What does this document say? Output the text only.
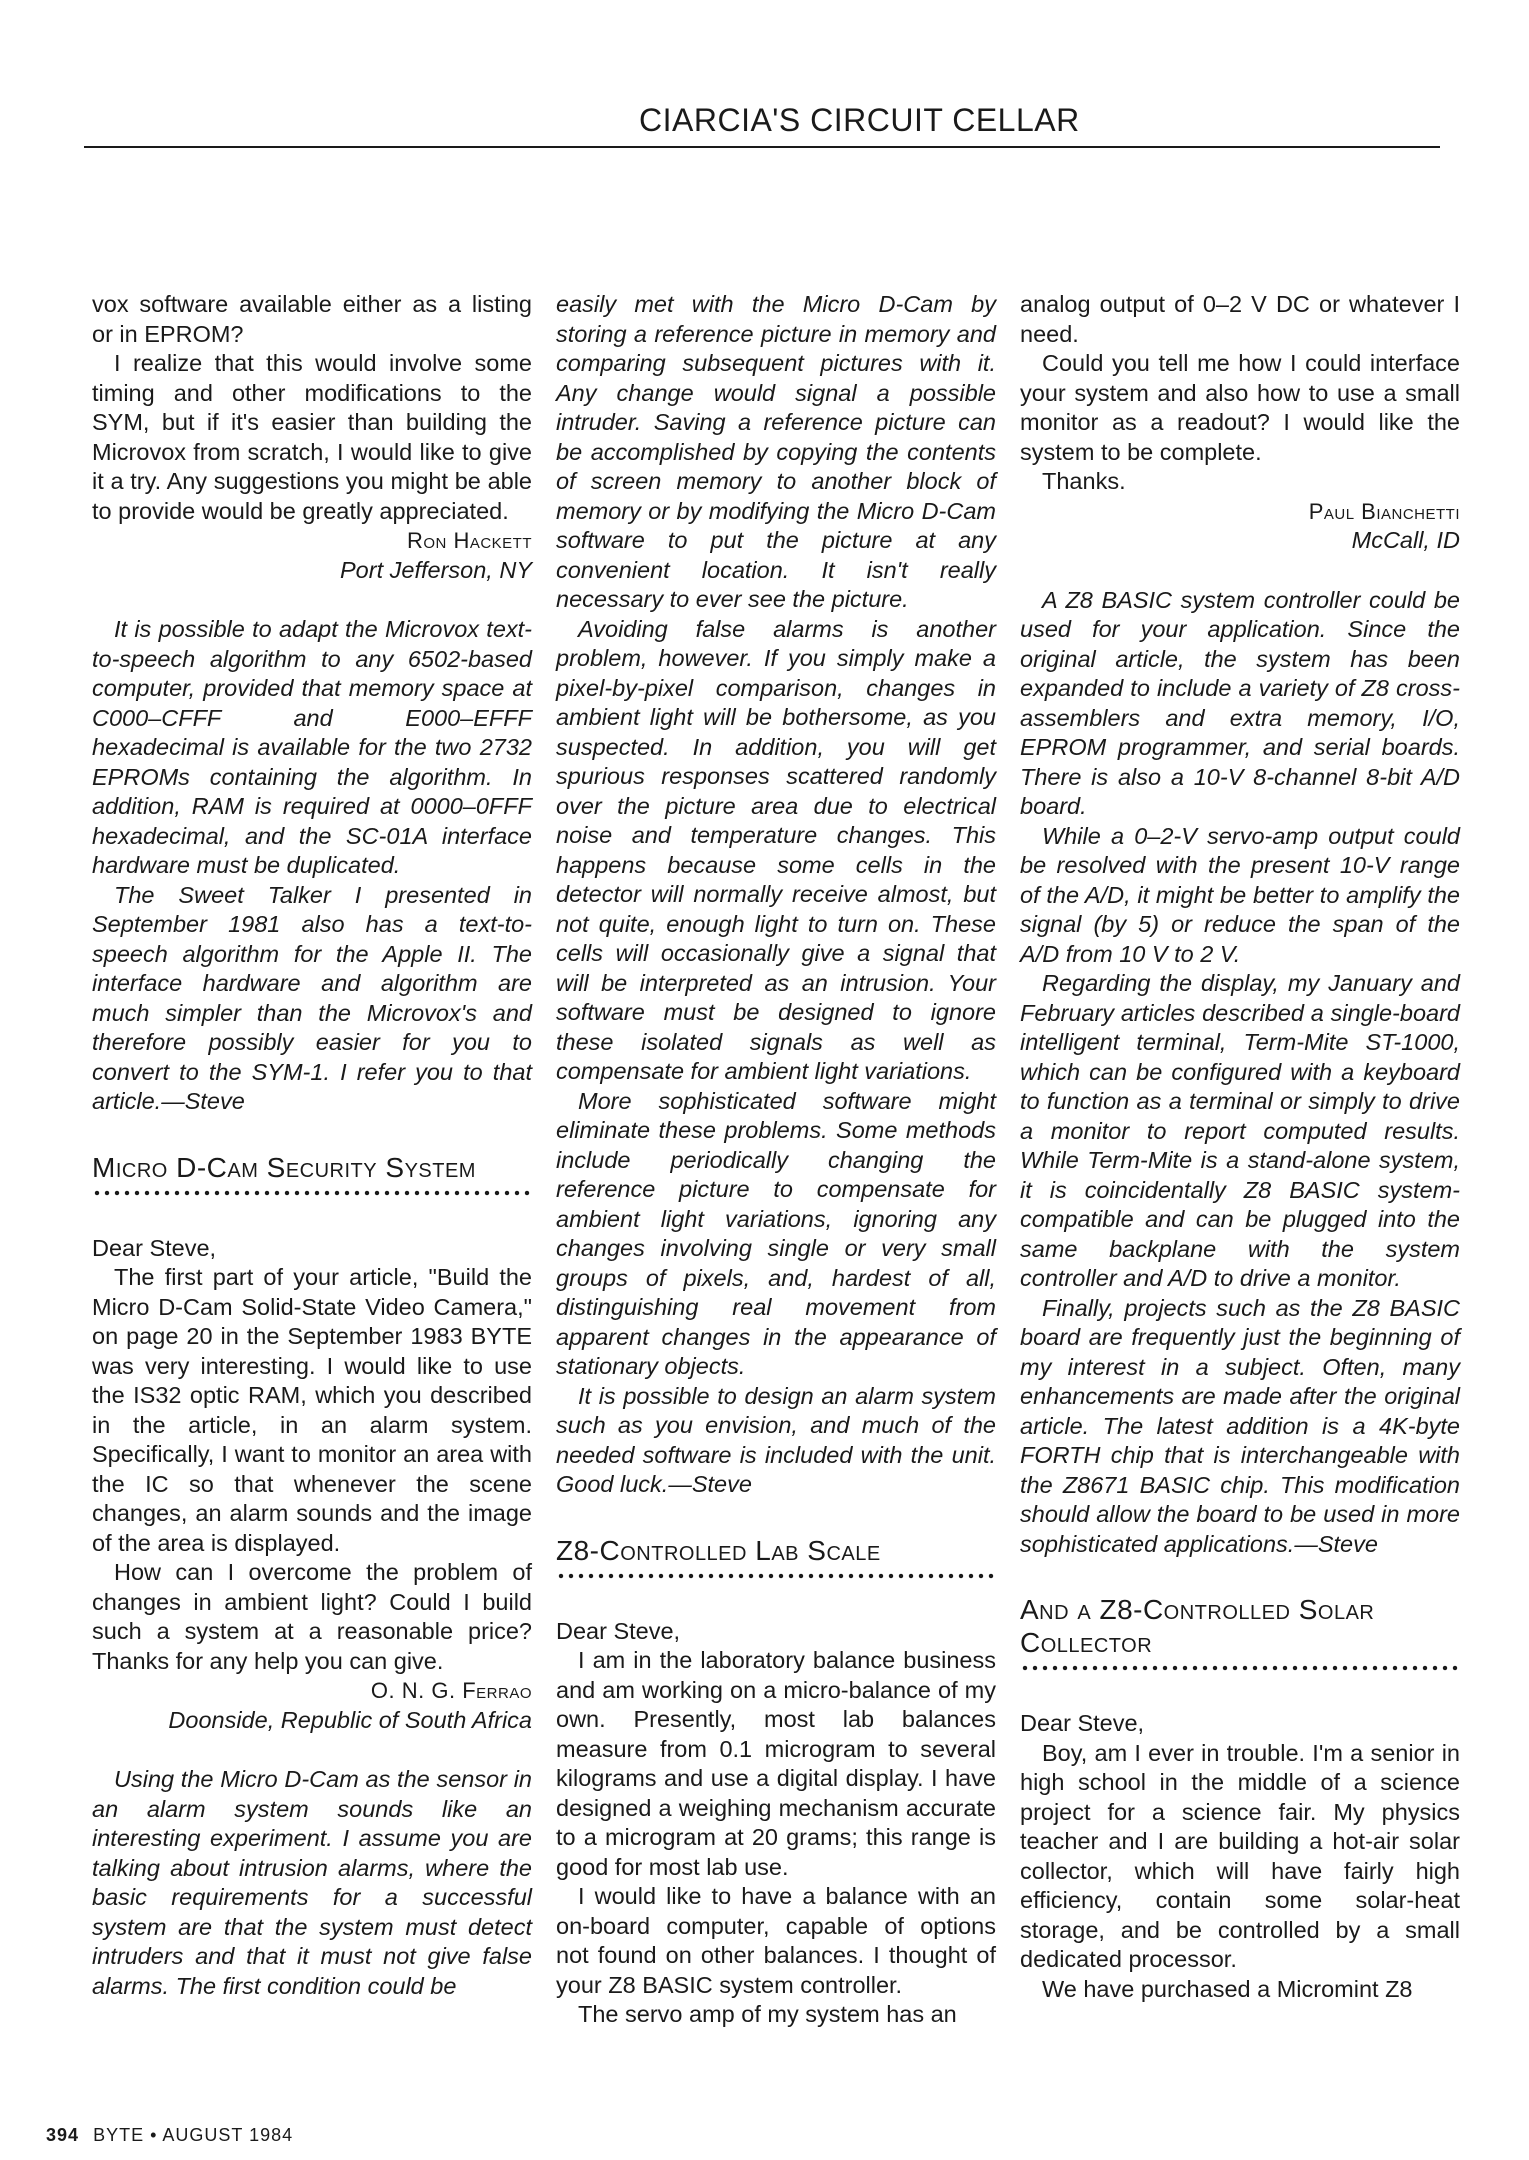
CIARCIA'S CIRCUIT CELLAR

vox software available either as a listing or in EPROM?

I realize that this would involve some timing and other modifications to the SYM, but if it's easier than building the Microvox from scratch, I would like to give it a try. Any suggestions you might be able to provide would be greatly appreciated.

Ron Hackett
Port Jefferson, NY

It is possible to adapt the Microvox text-to-speech algorithm to any 6502-based computer, provided that memory space at C000–CFFF and E000–EFFF hexadecimal is available for the two 2732 EPROMs containing the algorithm. In addition, RAM is required at 0000–0FFF hexadecimal, and the SC-01A interface hardware must be duplicated.

The Sweet Talker I presented in September 1981 also has a text-to-speech algorithm for the Apple II. The interface hardware and algorithm are much simpler than the Microvox's and therefore possibly easier for you to convert to the SYM-1. I refer you to that article.—Steve

Micro D-Cam Security System

Dear Steve,

The first part of your article, "Build the Micro D-Cam Solid-State Video Camera," on page 20 in the September 1983 BYTE was very interesting. I would like to use the IS32 optic RAM, which you described in the article, in an alarm system. Specifically, I want to monitor an area with the IC so that whenever the scene changes, an alarm sounds and the image of the area is displayed.

How can I overcome the problem of changes in ambient light? Could I build such a system at a reasonable price? Thanks for any help you can give.

O. N. G. Ferrao
Doonside, Republic of South Africa

Using the Micro D-Cam as the sensor in an alarm system sounds like an interesting experiment. I assume you are talking about intrusion alarms, where the basic requirements for a successful system are that the system must detect intruders and that it must not give false alarms. The first condition could be

easily met with the Micro D-Cam by storing a reference picture in memory and comparing subsequent pictures with it. Any change would signal a possible intruder. Saving a reference picture can be accomplished by copying the contents of screen memory to another block of memory or by modifying the Micro D-Cam software to put the picture at any convenient location. It isn't really necessary to ever see the picture.

Avoiding false alarms is another problem, however. If you simply make a pixel-by-pixel comparison, changes in ambient light will be bothersome, as you suspected. In addition, you will get spurious responses scattered randomly over the picture area due to electrical noise and temperature changes. This happens because some cells in the detector will normally receive almost, but not quite, enough light to turn on. These cells will occasionally give a signal that will be interpreted as an intrusion. Your software must be designed to ignore these isolated signals as well as compensate for ambient light variations.

More sophisticated software might eliminate these problems. Some methods include periodically changing the reference picture to compensate for ambient light variations, ignoring any changes involving single or very small groups of pixels, and, hardest of all, distinguishing real movement from apparent changes in the appearance of stationary objects.

It is possible to design an alarm system such as you envision, and much of the needed software is included with the unit. Good luck.—Steve

Z8-Controlled Lab Scale

Dear Steve,

I am in the laboratory balance business and am working on a micro-balance of my own. Presently, most lab balances measure from 0.1 microgram to several kilograms and use a digital display. I have designed a weighing mechanism accurate to a microgram at 20 grams; this range is good for most lab use.

I would like to have a balance with an on-board computer, capable of options not found on other balances. I thought of your Z8 BASIC system controller.

The servo amp of my system has an

analog output of 0–2 V DC or whatever I need.

Could you tell me how I could interface your system and also how to use a small monitor as a readout? I would like the system to be complete.

Thanks.

Paul Bianchetti
McCall, ID

A Z8 BASIC system controller could be used for your application. Since the original article, the system has been expanded to include a variety of Z8 cross-assemblers and extra memory, I/O, EPROM programmer, and serial boards. There is also a 10-V 8-channel 8-bit A/D board.

While a 0–2-V servo-amp output could be resolved with the present 10-V range of the A/D, it might be better to amplify the signal (by 5) or reduce the span of the A/D from 10 V to 2 V.

Regarding the display, my January and February articles described a single-board intelligent terminal, Term-Mite ST-1000, which can be configured with a keyboard to function as a terminal or simply to drive a monitor to report computed results. While Term-Mite is a stand-alone system, it is coincidentally Z8 BASIC system-compatible and can be plugged into the same backplane with the system controller and A/D to drive a monitor.

Finally, projects such as the Z8 BASIC board are frequently just the beginning of my interest in a subject. Often, many enhancements are made after the original article. The latest addition is a 4K-byte FORTH chip that is interchangeable with the Z8671 BASIC chip. This modification should allow the board to be used in more sophisticated applications.—Steve

And a Z8-Controlled Solar Collector

Dear Steve,

Boy, am I ever in trouble. I'm a senior in high school in the middle of a science project for a science fair. My physics teacher and I are building a hot-air solar collector, which will have fairly high efficiency, contain some solar-heat storage, and be controlled by a small dedicated processor.

We have purchased a Micromint Z8

394 BYTE • AUGUST 1984
